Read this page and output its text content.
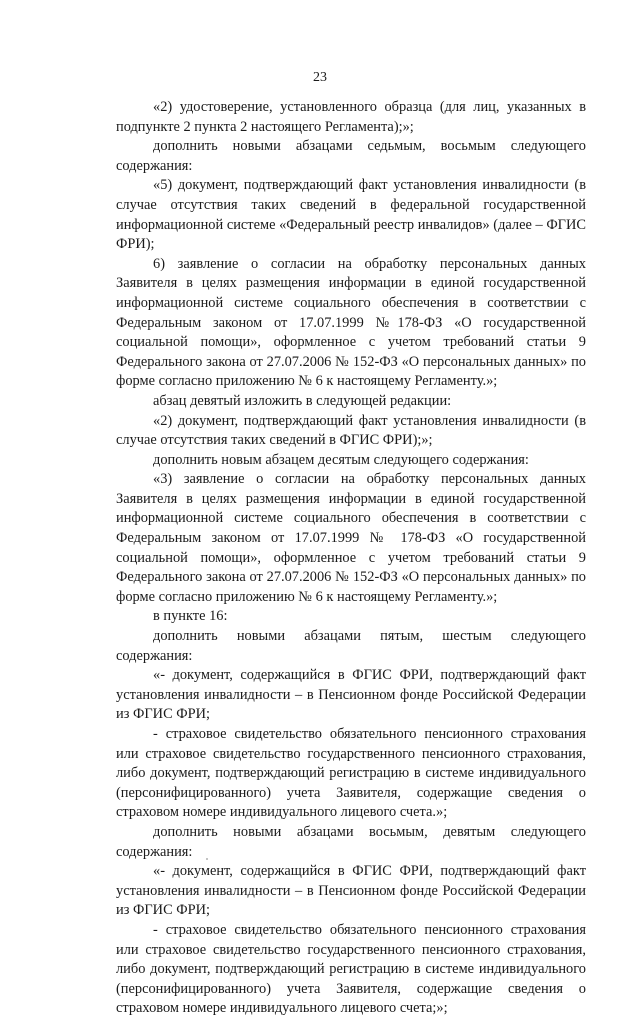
23

«2) удостоверение, установленного образца (для лиц, указанных в подпункте 2 пункта 2 настоящего Регламента);»;

дополнить новыми абзацами седьмым, восьмым следующего содержания:

«5) документ, подтверждающий факт установления инвалидности (в случае отсутствия таких сведений в федеральной государственной информационной системе «Федеральный реестр инвалидов» (далее – ФГИС ФРИ);

6) заявление о согласии на обработку персональных данных Заявителя в целях размещения информации в единой государственной информационной системе социального обеспечения в соответствии с Федеральным законом от 17.07.1999 №178-ФЗ «О государственной социальной помощи», оформленное с учетом требований статьи 9 Федерального закона от 27.07.2006 № 152-ФЗ «О персональных данных» по форме согласно приложению № 6 к настоящему Регламенту.»;

абзац девятый изложить в следующей редакции:

«2) документ, подтверждающий факт установления инвалидности (в случае отсутствия таких сведений в ФГИС ФРИ);»;

дополнить новым абзацем десятым следующего содержания:

«3) заявление о согласии на обработку персональных данных Заявителя в целях размещения информации в единой государственной информационной системе социального обеспечения в соответствии с Федеральным законом от 17.07.1999 № 178-ФЗ «О государственной социальной помощи», оформленное с учетом требований статьи 9 Федерального закона от 27.07.2006 № 152-ФЗ «О персональных данных» по форме согласно приложению № 6 к настоящему Регламенту.»;

в пункте 16:

дополнить новыми абзацами пятым, шестым следующего содержания:

«- документ, содержащийся в ФГИС ФРИ, подтверждающий факт установления инвалидности – в Пенсионном фонде Российской Федерации из ФГИС ФРИ;

- страховое свидетельство обязательного пенсионного страхования или страховое свидетельство государственного пенсионного страхования, либо документ, подтверждающий регистрацию в системе индивидуального (персонифицированного) учета Заявителя, содержащие сведения о страховом номере индивидуального лицевого счета.»;

дополнить новыми абзацами восьмым, девятым следующего содержания:

«- документ, содержащийся в ФГИС ФРИ, подтверждающий факт установления инвалидности – в Пенсионном фонде Российской Федерации из ФГИС ФРИ;

- страховое свидетельство обязательного пенсионного страхования или страховое свидетельство государственного пенсионного страхования, либо документ, подтверждающий регистрацию в системе индивидуального (персонифицированного) учета Заявителя, содержащие сведения о страховом номере индивидуального лицевого счета;»;
